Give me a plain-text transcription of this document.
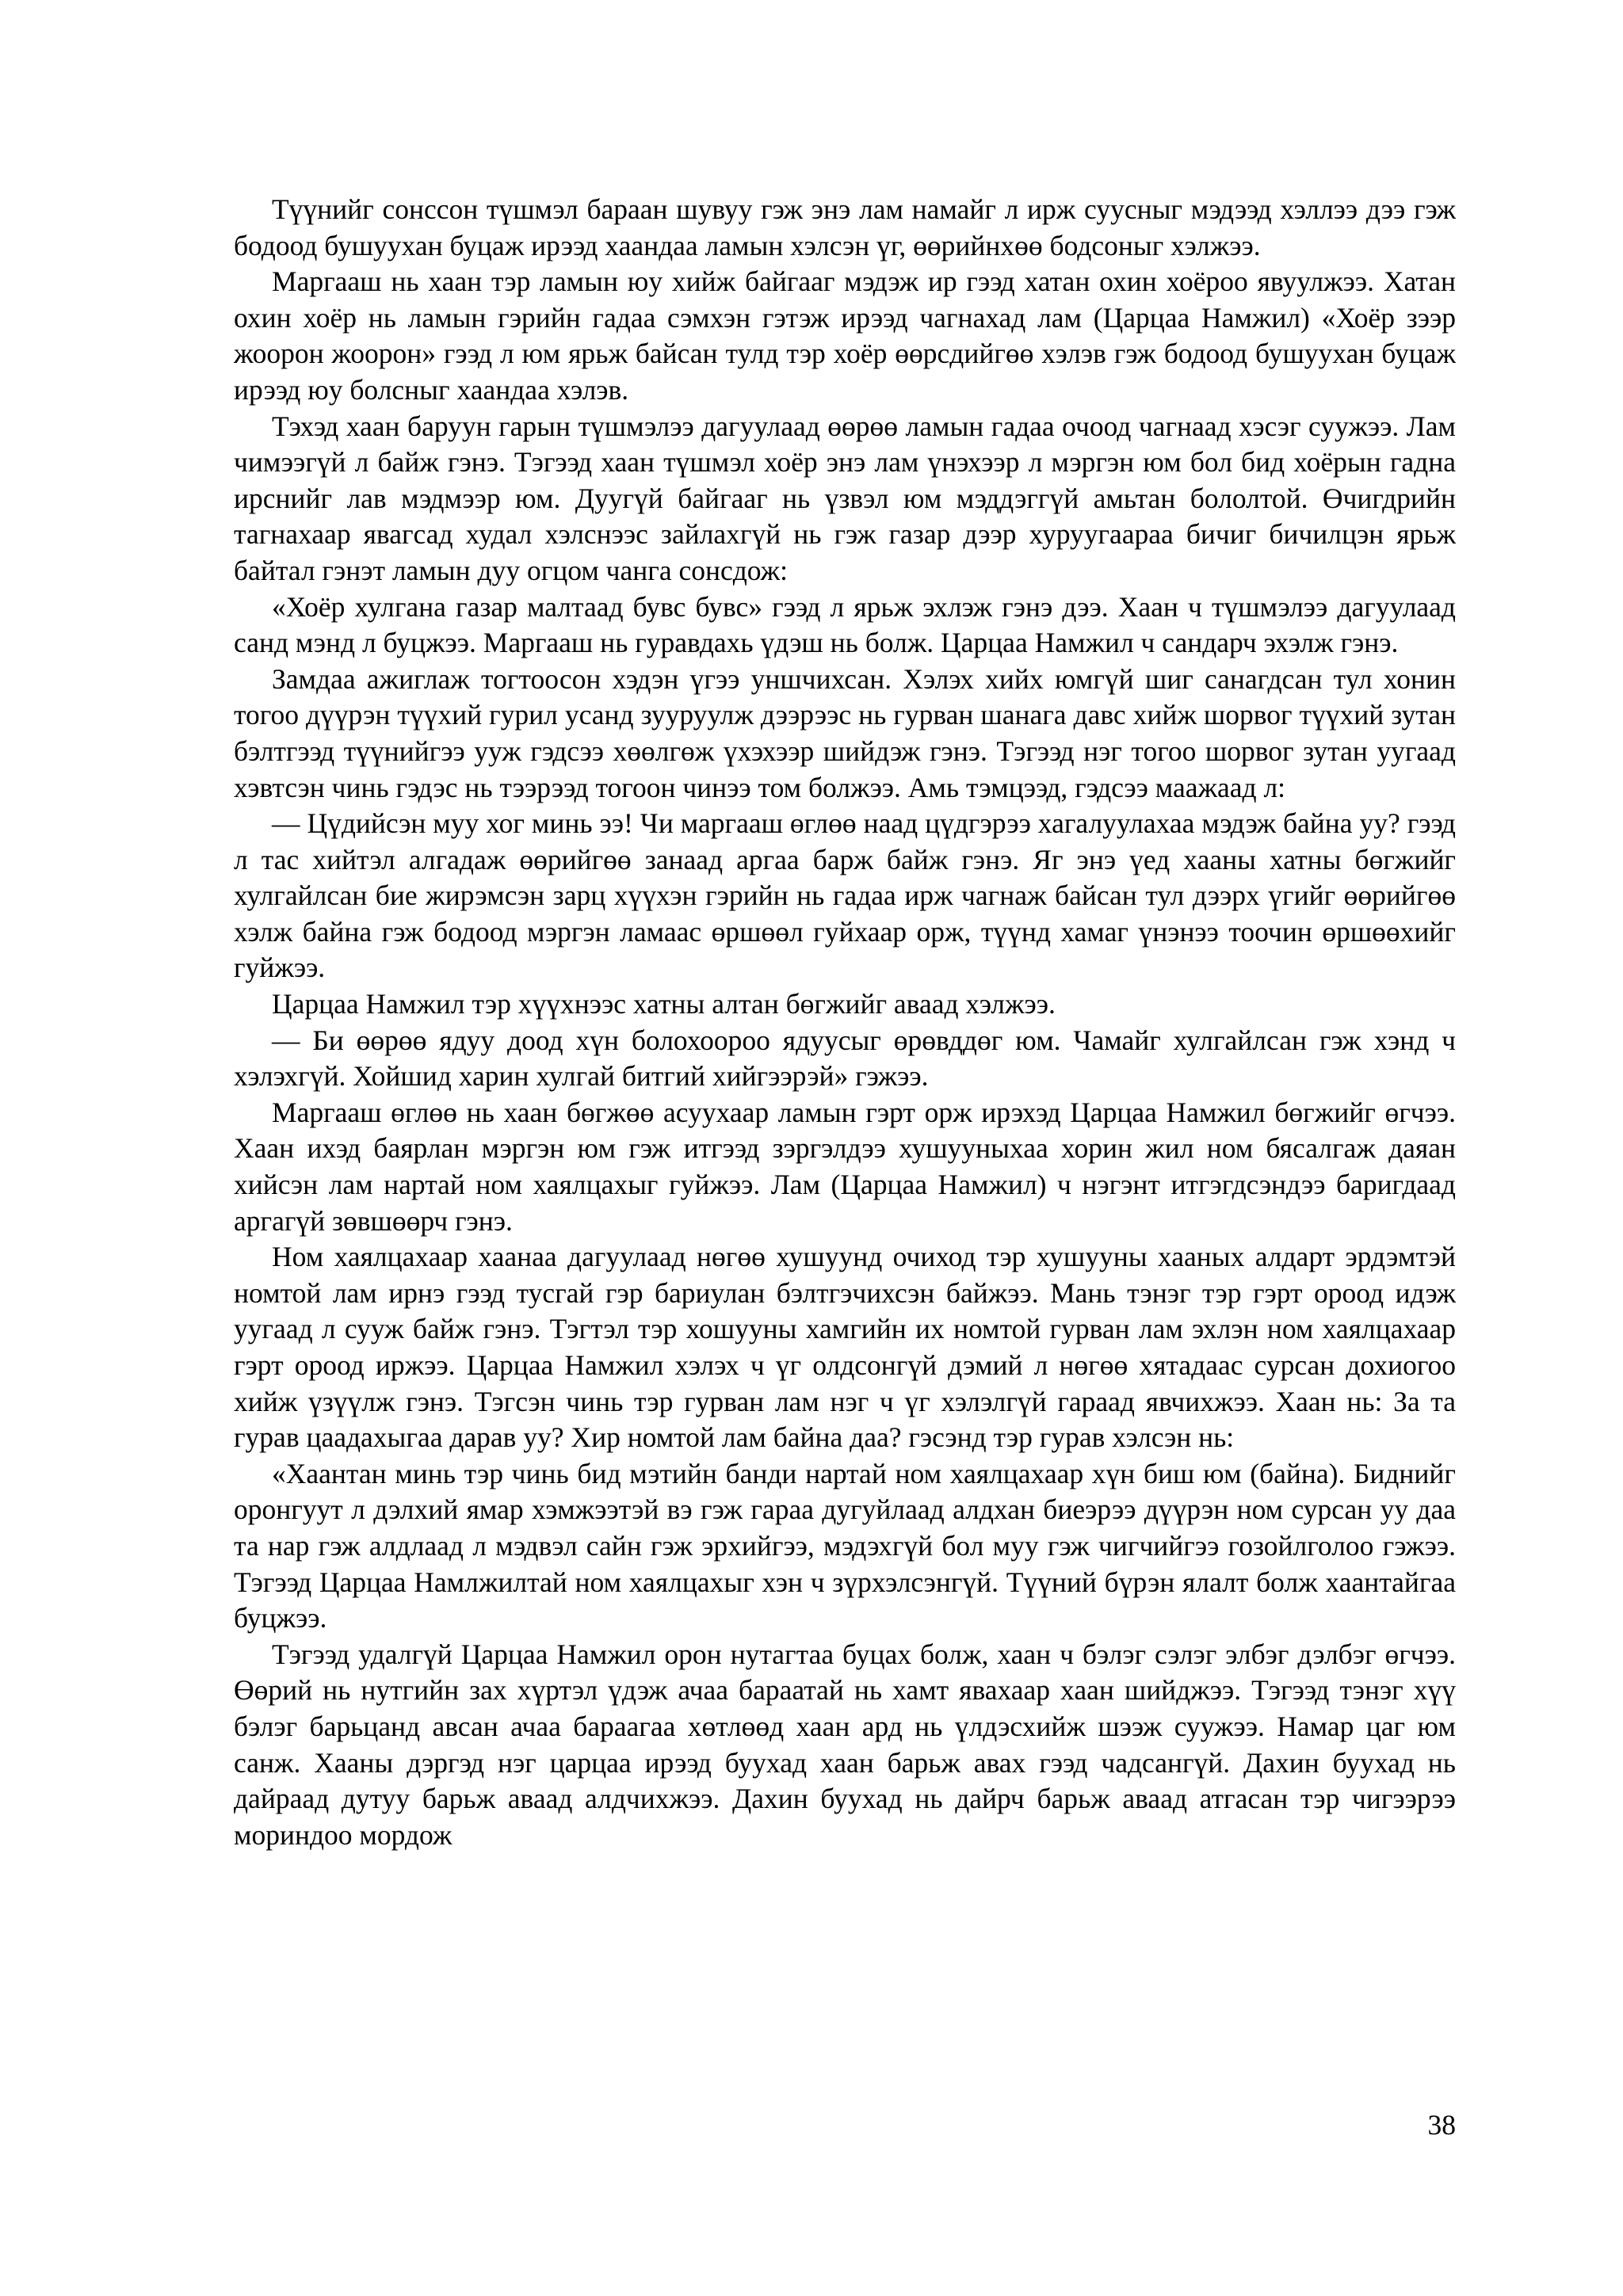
Түүнийг сонссон түшмэл бараан шувуу гэж энэ лам намайг л ирж суусныг мэдээд хэллээ дээ гэж бодоод бушуухан буцаж ирээд хаандаа ламын хэлсэн үг, өөрийнхөө бодсоныг хэлжээ.

Маргааш нь хаан тэр ламын юу хийж байгааг мэдэж ир гээд хатан охин хоёроо явуулжээ. Хатан охин хоёр нь ламын гэрийн гадаа сэмхэн гэтэж ирээд чагнахад лам (Царцаа Намжил) «Хоёр зээр жоорон жоорон» гээд л юм ярьж байсан тулд тэр хоёр өөрсдийгөө хэлэв гэж бодоод бушуухан буцаж ирээд юу болсныг хаандаа хэлэв.

Тэхэд хаан баруун гарын түшмэлээ дагуулаад өөрөө ламын гадаа очоод чагнаад хэсэг суужээ. Лам чимээгүй л байж гэнэ. Тэгээд хаан түшмэл хоёр энэ лам үнэхээр л мэргэн юм бол бид хоёрын гадна ирснийг лав мэдмээр юм. Дуугүй байгааг нь үзвэл юм мэддэггүй амьтан бололтой. Өчигдрийн тагнахаар явагсад худал хэлснээс зайлахгүй нь гэж газар дээр хуруугаараа бичиг бичилцэн ярьж байтал гэнэт ламын дуу огцом чанга сонсдож:

«Хоёр хулгана газар малтаад бувс бувс» гээд л ярьж эхлэж гэнэ дээ. Хаан ч түшмэлээ дагуулаад санд мэнд л буцжээ. Маргааш нь гуравдахь үдэш нь болж. Царцаа Намжил ч сандарч эхэлж гэнэ.

Замдаа ажиглаж тогтоосон хэдэн үгээ уншчихсан. Хэлэх хийх юмгүй шиг санагдсан тул хонин тогоо дүүрэн түүхий гурил усанд зууруулж дээрээс нь гурван шанага давс хийж шорвог түүхий зутан бэлтгээд түүнийгээ ууж гэдсээ хөөлгөж үхэхээр шийдэж гэнэ. Тэгээд нэг тогоо шорвог зутан уугаад хэвтсэн чинь гэдэс нь тээрээд тогоон чинээ том болжээ. Амь тэмцээд, гэдсээ маажаад л:

— Цүдийсэн муу хог минь ээ! Чи маргааш өглөө наад цүдгэрээ хагалуулахаа мэдэж байна уу? гээд л тас хийтэл алгадаж өөрийгөө занаад аргаа барж байж гэнэ. Яг энэ үед хааны хатны бөгжийг хулгайлсан бие жирэмсэн зарц хүүхэн гэрийн нь гадаа ирж чагнаж байсан тул дээрх үгийг өөрийгөө хэлж байна гэж бодоод мэргэн ламаас өршөөл гуйхаар орж, түүнд хамаг үнэнээ тоочин өршөөхийг гуйжээ.

Царцаа Намжил тэр хүүхнээс хатны алтан бөгжийг аваад хэлжээ.

— Би өөрөө ядуу доод хүн болохоороо ядуусыг өрөвддөг юм. Чамайг хулгайлсан гэж хэнд ч хэлэхгүй. Хойшид харин хулгай битгий хийгээрэй» гэжээ.

Маргааш өглөө нь хаан бөгжөө асуухаар ламын гэрт орж ирэхэд Царцаа Намжил бөгжийг өгчээ. Хаан ихэд баярлан мэргэн юм гэж итгээд зэргэлдээ хушууныхаа хорин жил ном бясалгаж даяан хийсэн лам нартай ном хаялцахыг гуйжээ. Лам (Царцаа Намжил) ч нэгэнт итгэгдсэндээ баригдаад аргагүй зөвшөөрч гэнэ.

Ном хаялцахаар хаанаа дагуулаад нөгөө хушуунд очиход тэр хушууны хааных алдарт эрдэмтэй номтой лам ирнэ гээд тусгай гэр бариулан бэлтгэчихсэн байжээ. Мань тэнэг тэр гэрт ороод идэж уугаад л сууж байж гэнэ. Тэгтэл тэр хошууны хамгийн их номтой гурван лам эхлэн ном хаялцахаар гэрт ороод иржээ. Царцаа Намжил хэлэх ч үг олдсонгүй дэмий л нөгөө хятадаас сурсан дохиогоо хийж үзүүлж гэнэ. Тэгсэн чинь тэр гурван лам нэг ч үг хэлэлгүй гараад явчихжээ. Хаан нь: За та гурав цаадахыгаа дарав уу? Хир номтой лам байна даа? гэсэнд тэр гурав хэлсэн нь:

«Хаантан минь тэр чинь бид мэтийн банди нартай ном хаялцахаар хүн биш юм (байна). Биднийг оронгуут л дэлхий ямар хэмжээтэй вэ гэж гараа дугуйлаад алдхан биеэрээ дүүрэн ном сурсан уу даа та нар гэж алдлаад л мэдвэл сайн гэж эрхийгээ, мэдэхгүй бол муу гэж чигчийгээ гозойлголоо гэжээ. Тэгээд Царцаа Намлжилтай ном хаялцахыг хэн ч зүрхэлсэнгүй. Түүний бүрэн ялалт болж хаантайгаа буцжээ.

Тэгээд удалгүй Царцаа Намжил орон нутагтаа буцах болж, хаан ч бэлэг сэлэг элбэг дэлбэг өгчээ. Өөрий нь нутгийн зах хүртэл үдэж ачаа бараатай нь хамт явахаар хаан шийджээ. Тэгээд тэнэг хүү бэлэг барьцанд авсан ачаа бараагаа хөтлөөд хаан ард нь үлдэсхийж шээж суужээ. Намар цаг юм санж. Хааны дэргэд нэг царцаа ирээд буухад хаан барьж авах гээд чадсангүй. Дахин буухад нь дайраад дутуу барьж аваад алдчихжээ. Дахин буухад нь дайрч барьж аваад атгасан тэр чигээрээ мориндоо мордож

38
